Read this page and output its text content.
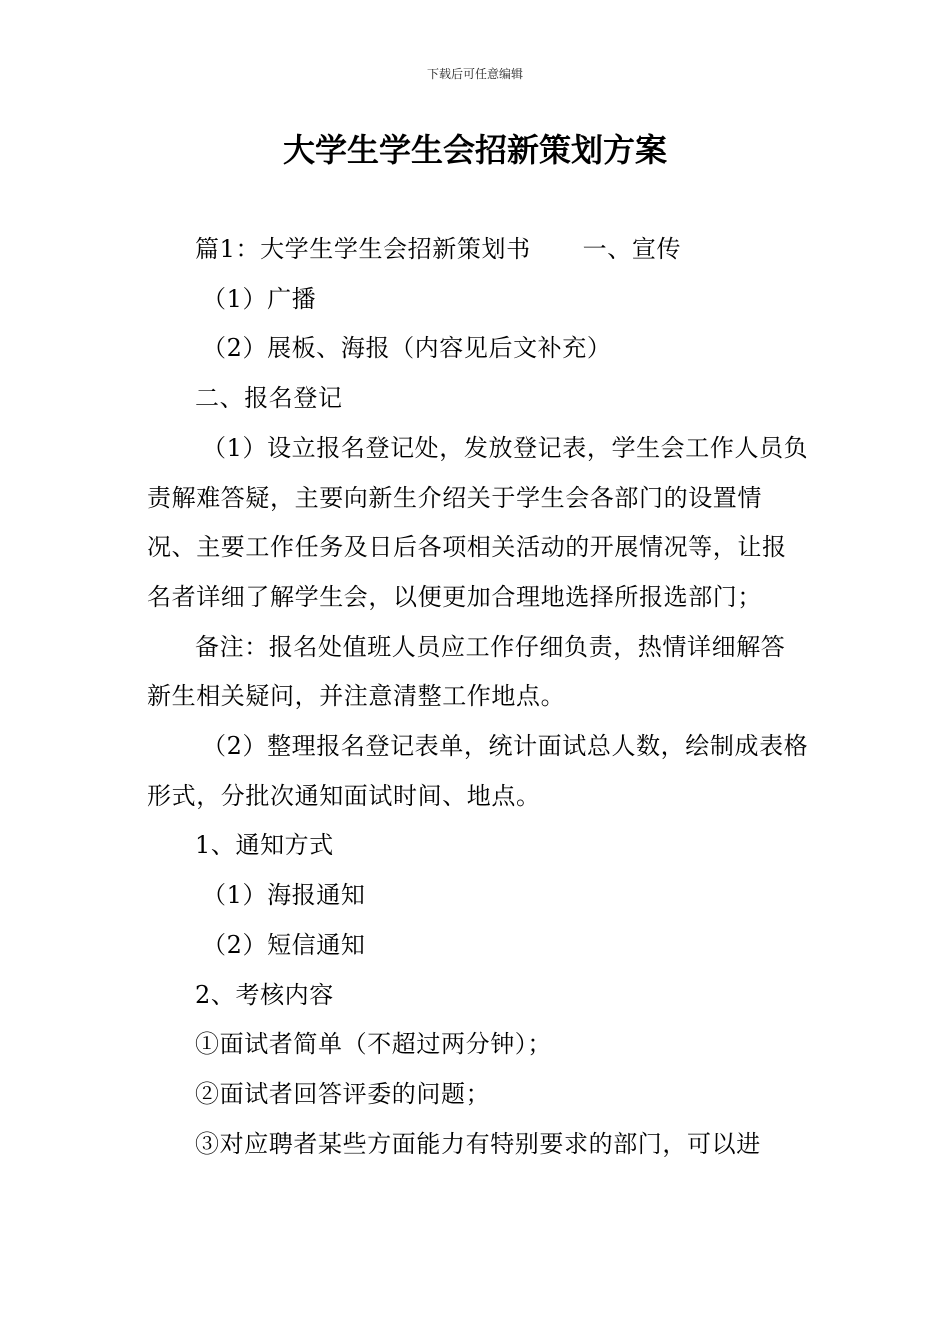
下载后可任意编辑
大学生学生会招新策划方案

篇1：大学生学生会招新策划书 一、宣传

（1）广播

（2）展板、海报（内容见后文补充）

二、报名登记

（1）设立报名登记处，发放登记表，学生会工作人员负责解难答疑，主要向新生介绍关于学生会各部门的设置情况、主要工作任务及日后各项相关活动的开展情况等，让报名者详细了解学生会，以便更加合理地选择所报选部门；

备注：报名处值班人员应工作仔细负责，热情详细解答新生相关疑问，并注意清整工作地点。

（2）整理报名登记表单，统计面试总人数，绘制成表格形式，分批次通知面试时间、地点。

1、通知方式

（1）海报通知

（2）短信通知

2、考核内容

①面试者简单（不超过两分钟）；

②面试者回答评委的问题；

③对应聘者某些方面能力有特别要求的部门，可以进
